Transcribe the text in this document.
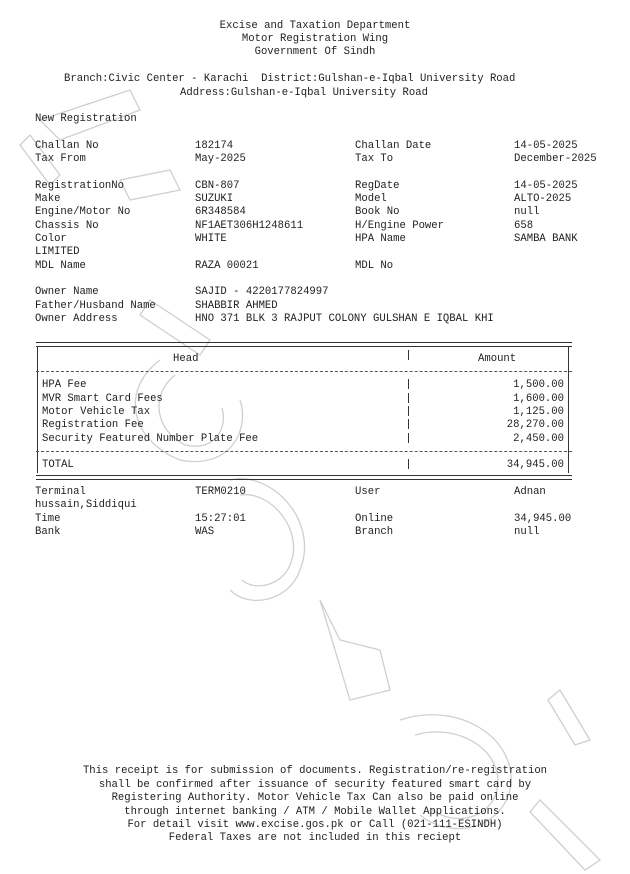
Excise and Taxation Department
Motor Registration Wing
Government Of Sindh
Branch:Civic Center - Karachi  District:Gulshan-e-Iqbal University Road
Address:Gulshan-e-Iqbal University Road
New Registration
Challan No	182174	Challan Date	14-05-2025
Tax From	May-2025	Tax To	December-2025
RegistrationNo	CBN-807	RegDate	14-05-2025
Make	SUZUKI	Model	ALTO-2025
Engine/Motor No	6R348584	Book No	null
Chassis No	NF1AET306H1248611	H/Engine Power	658
Color	WHITE	HPA Name	SAMBA BANK
LIMITED
MDL Name	RAZA 00021	MDL No
Owner Name	SAJID - 4220177824997
Father/Husband Name	SHABBIR AHMED
Owner Address	HNO 371 BLK 3 RAJPUT COLONY GULSHAN E IQBAL KHI
Head	Amount
HPA Fee	1,500.00
MVR Smart Card Fees	1,600.00
Motor Vehicle Tax	1,125.00
Registration Fee	28,270.00
Security Featured Number Plate Fee	2,450.00
TOTAL	34,945.00
Terminal	TERM0210	User	Adnan
hussain,Siddiqui
Time	15:27:01	Online	34,945.00
Bank	WAS	Branch	null
This receipt is for submission of documents. Registration/re-registration
shall be confirmed after issuance of security featured smart card by
Registering Authority. Motor Vehicle Tax Can also be paid online
through internet banking / ATM / Mobile Wallet Applications.
For detail visit www.excise.gos.pk or Call (021-111-ESINDH)
Federal Taxes are not included in this reciept
